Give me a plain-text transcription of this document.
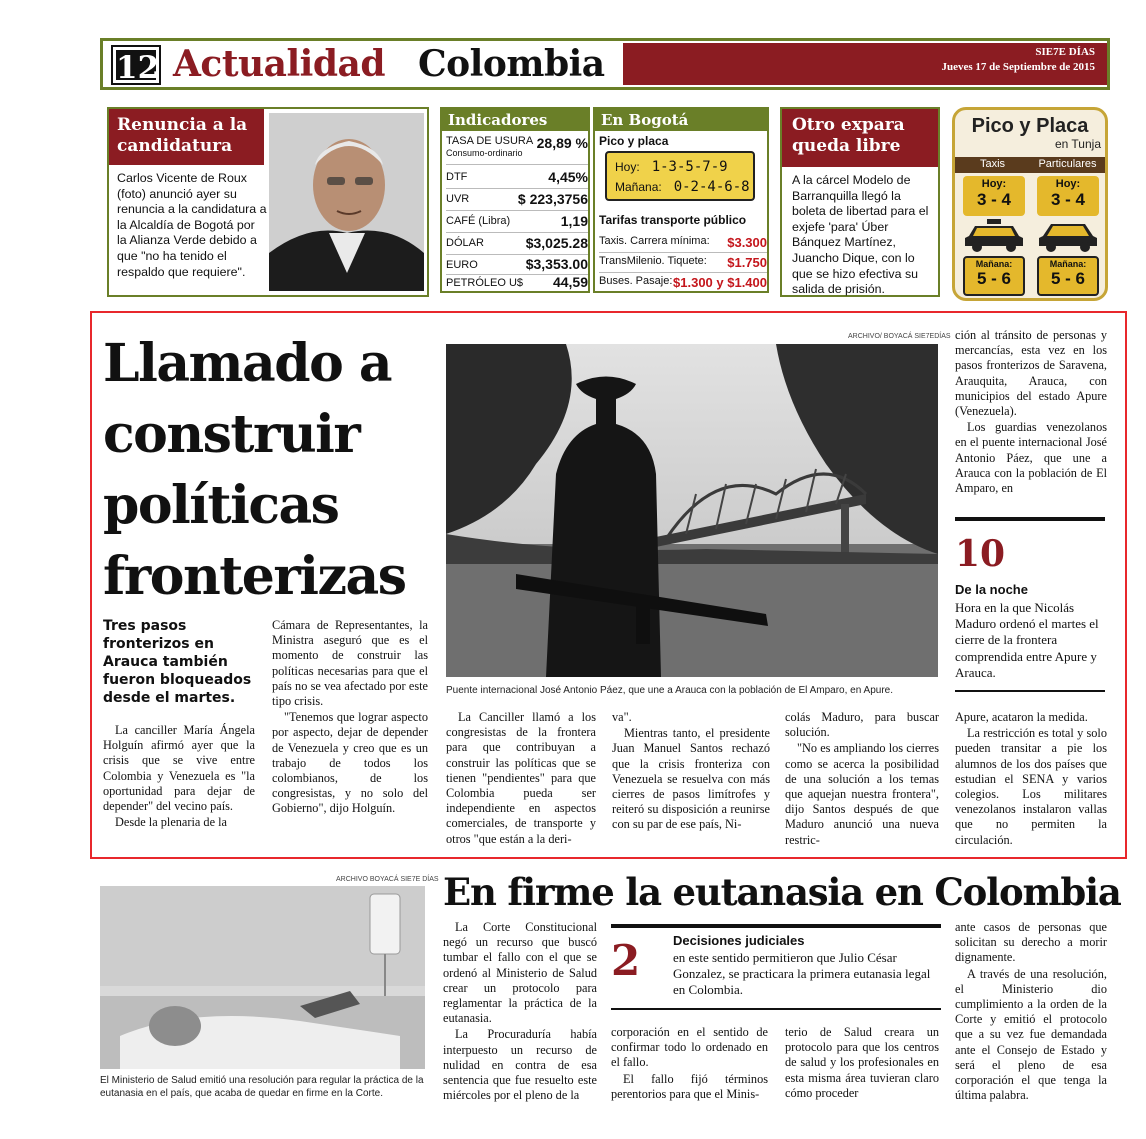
12 Actualidad Colombia	SIE7E DÍAS
Jueves 17 de Septiembre de 2015
Renuncia a la candidatura
Carlos Vicente de Roux (foto) anunció ayer su renuncia a la candidatura a la Alcaldía de Bogotá por la Alianza Verde debido a que "no ha tenido el respaldo que requiere".
Indicadores
TASA DE USURA
Consumo-ordinario
28,89 %
DTF	4,45%
UVR	$ 223,3756
CAFÉ (Libra)	1,19
DÓLAR	$3,025.28
EURO	$3,353.00
PETRÓLEO U$ 44,59
En Bogotá
Pico y placa
Hoy: 1-3-5-7-9
Mañana: 0-2-4-6-8
Tarifas transporte público
Taxis. Carrera mínima: $3.300
TransMilenio. Tiquete: $1.750
Buses. Pasaje: $1.300 y $1.400
Otro expara queda libre
A la cárcel Modelo de Barranquilla llegó la boleta de libertad para el exjefe 'para' Úber Bánquez Martínez, Juancho Dique, con lo que se hizo efectiva su salida de prisión.
Pico y Placa
en Tunja
Taxis	Particulares
Hoy:
3 - 4
Hoy:
3 - 4
Mañana:
5 - 6
Mañana:
5 - 6
Llamado a construir políticas fronterizas
Tres pasos fronterizos en Arauca también fueron bloqueados desde el martes.

La canciller María Ángela Holguín afirmó ayer que la crisis que se vive entre Colombia y Venezuela es "la oportunidad para dejar de depender" del vecino país.

Desde la plenaria de la

Cámara de Representantes, la Ministra aseguró que es el momento de construir las políticas necesarias para que el país no se vea afectado por este tipo crisis.

"Tenemos que lograr aspecto por aspecto, dejar de depender de Venezuela y creo que es un trabajo de todos los colombianos, de los congresistas, y no solo del Gobierno", dijo Holguín.

ARCHIVO/ BOYACÁ SIE7EDÍAS
Puente internacional José Antonio Páez, que une a Arauca con la población de El Amparo, en Apure.

La Canciller llamó a los congresistas de la frontera para que contribuyan a construir las políticas que se tienen "pendientes" para que Colombia pueda ser independiente en aspectos comerciales, de transporte y otros "que están a la deri-

va".

Mientras tanto, el presidente Juan Manuel Santos rechazó que la crisis fronteriza con Venezuela se resuelva con más cierres de pasos limítrofes y reiteró su disposición a reunirse con su par de ese país, Ni-

colás Maduro, para buscar solución.

"No es ampliando los cierres como se acerca la posibilidad de una solución a los temas que aquejan nuestra frontera", dijo Santos después de que Maduro anunció una nueva restric-

ción al tránsito de personas y mercancías, esta vez en los pasos fronterizos de Saravena, Arauquita, Arauca, con municipios del estado Apure (Venezuela).

Los guardias venezolanos en el puente internacional José Antonio Páez, que une a Arauca con la población de El Amparo, en

10
De la noche
Hora en la que Nicolás Maduro ordenó el martes el cierre de la frontera comprendida entre Apure y Arauca.

Apure, acataron la medida.

La restricción es total y solo pueden transitar a pie los alumnos de los dos países que estudian el SENA y varios colegios. Los militares venezolanos instalaron vallas que no permiten la circulación.

ARCHIVO BOYACÁ SIE7E DÍAS
El Ministerio de Salud emitió una resolución para regular la práctica de la eutanasia en el país, que acaba de quedar en firme en la Corte.
En firme la eutanasia en Colombia

La Corte Constitucional negó un recurso que buscó tumbar el fallo con el que se ordenó al Ministerio de Salud crear un protocolo para reglamentar la práctica de la eutanasia.

La Procuraduría había interpuesto un recurso de nulidad en contra de esa sentencia que fue resuelto este miércoles por el pleno de la

2	Decisiones judiciales
en este sentido permitieron que Julio César Gonzalez, se practicara la primera eutanasia legal en Colombia.

corporación en el sentido de confirmar todo lo ordenado en el fallo.

El fallo fijó términos perentorios para que el Minis-

terio de Salud creara un protocolo para que los centros de salud y los profesionales en esta misma área tuvieran claro cómo proceder

ante casos de personas que solicitan su derecho a morir dignamente.

A través de una resolución, el Ministerio dio cumplimiento a la orden de la Corte y emitió el protocolo que a su vez fue demandada ante el Consejo de Estado y será el pleno de esa corporación el que tenga la última palabra.
